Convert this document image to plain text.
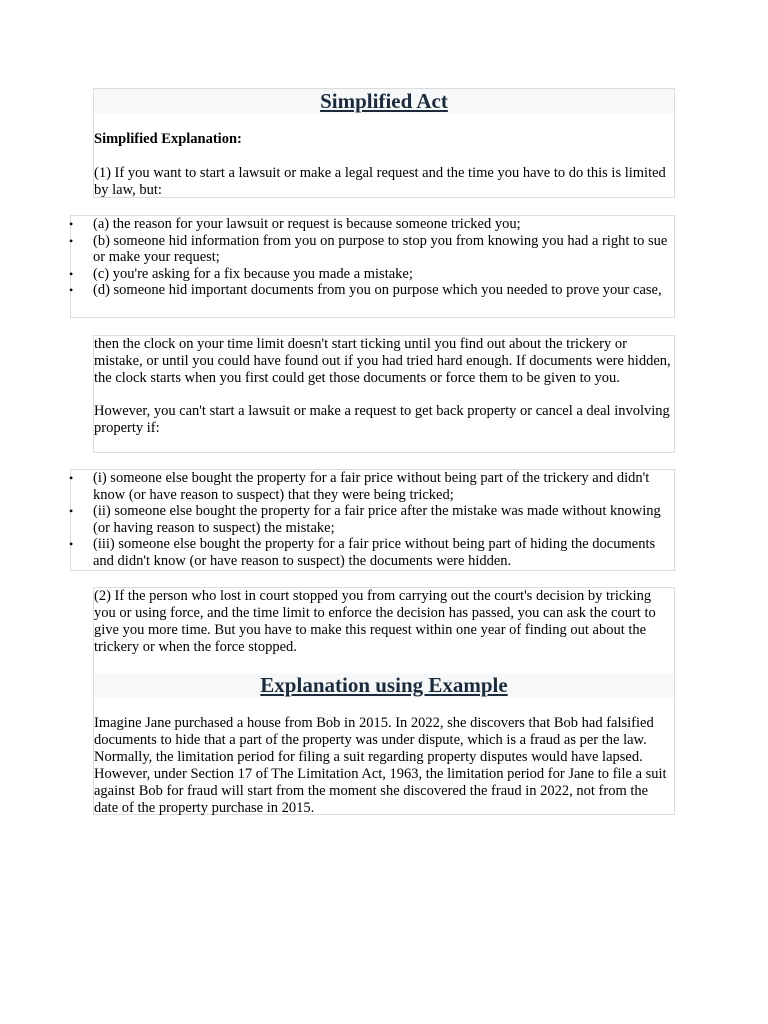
Simplified Act

Simplified Explanation:

(1) If you want to start a lawsuit or make a legal request and the time you have to do this is limited by law, but:

•	(a) the reason for your lawsuit or request is because someone tricked you;
•	(b) someone hid information from you on purpose to stop you from knowing you had a right to sue or make your request;
•	(c) you're asking for a fix because you made a mistake;
•	(d) someone hid important documents from you on purpose which you needed to prove your case,

then the clock on your time limit doesn't start ticking until you find out about the trickery or mistake, or until you could have found out if you had tried hard enough. If documents were hidden, the clock starts when you first could get those documents or force them to be given to you.

However, you can't start a lawsuit or make a request to get back property or cancel a deal involving property if:

•	(i) someone else bought the property for a fair price without being part of the trickery and didn't know (or have reason to suspect) that they were being tricked;
•	(ii) someone else bought the property for a fair price after the mistake was made without knowing (or having reason to suspect) the mistake;
•	(iii) someone else bought the property for a fair price without being part of hiding the documents and didn't know (or have reason to suspect) the documents were hidden.

(2) If the person who lost in court stopped you from carrying out the court's decision by tricking you or using force, and the time limit to enforce the decision has passed, you can ask the court to give you more time. But you have to make this request within one year of finding out about the trickery or when the force stopped.

Explanation using Example

Imagine Jane purchased a house from Bob in 2015. In 2022, she discovers that Bob had falsified documents to hide that a part of the property was under dispute, which is a fraud as per the law. Normally, the limitation period for filing a suit regarding property disputes would have lapsed. However, under Section 17 of The Limitation Act, 1963, the limitation period for Jane to file a suit against Bob for fraud will start from the moment she discovered the fraud in 2022, not from the date of the property purchase in 2015.
